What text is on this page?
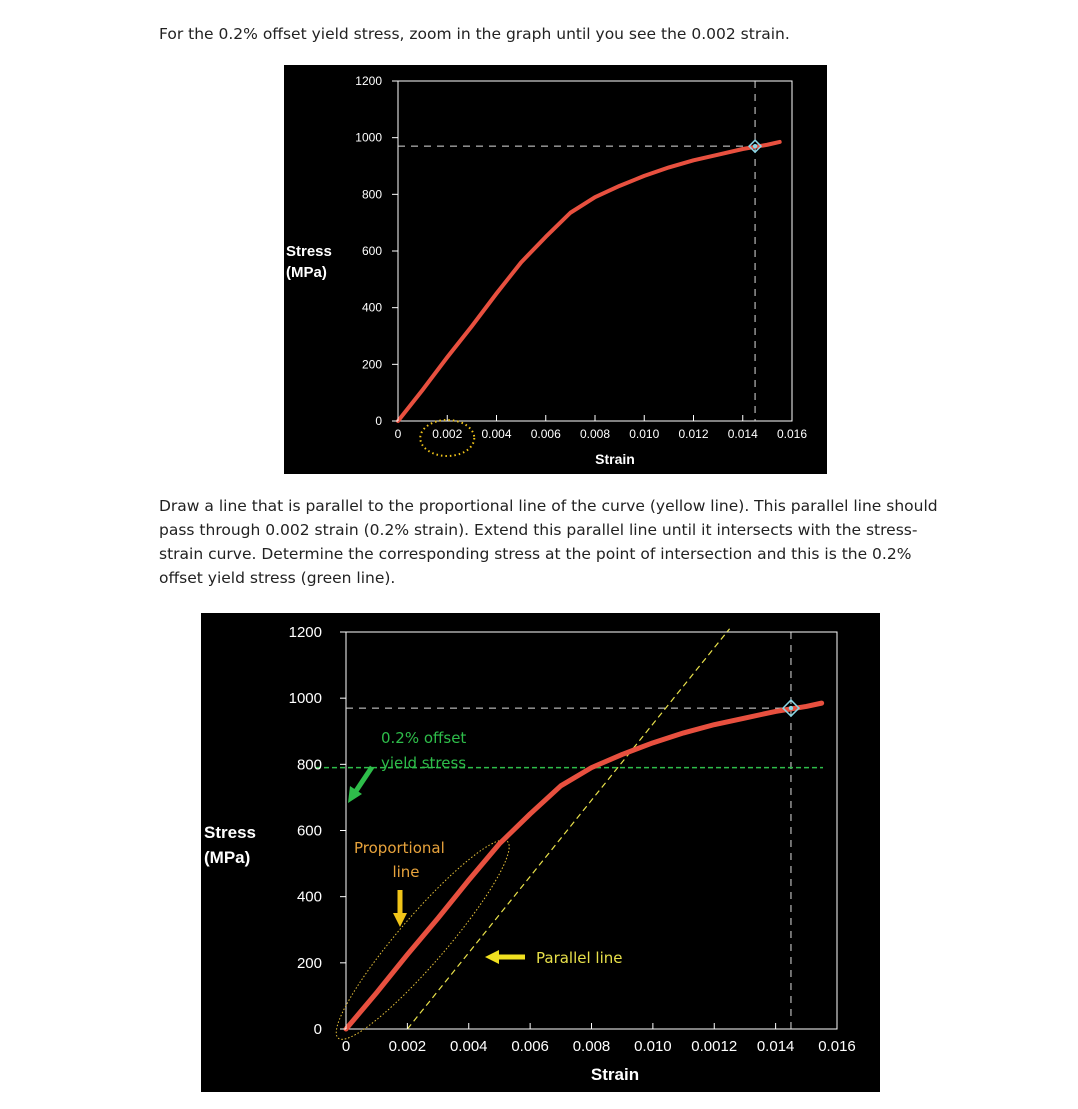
For the 0.2% offset yield stress, zoom in the graph until you see the 0.002 strain.
0
200
400
600
800
1000
1200
0	0.002 0.004 0.006 0.008 0.010 0.012 0.014 0.016
Stress
(MPa)
Strain
Draw a line that is parallel to the proportional line of the curve (yellow line). This parallel line should pass through 0.002 strain (0.2% strain). Extend this parallel line until it intersects with the stress-strain curve. Determine the corresponding stress at the point of intersection and this is the 0.2% offset yield stress (green line).
0
200
400
600
800
1000
1200
0	0.002 0.004 0.006 0.008 0.010 0.0012 0.014 0.016
Stress
(MPa)
Strain
0.2% offset
yield stress
Proportional
line
Parallel line
